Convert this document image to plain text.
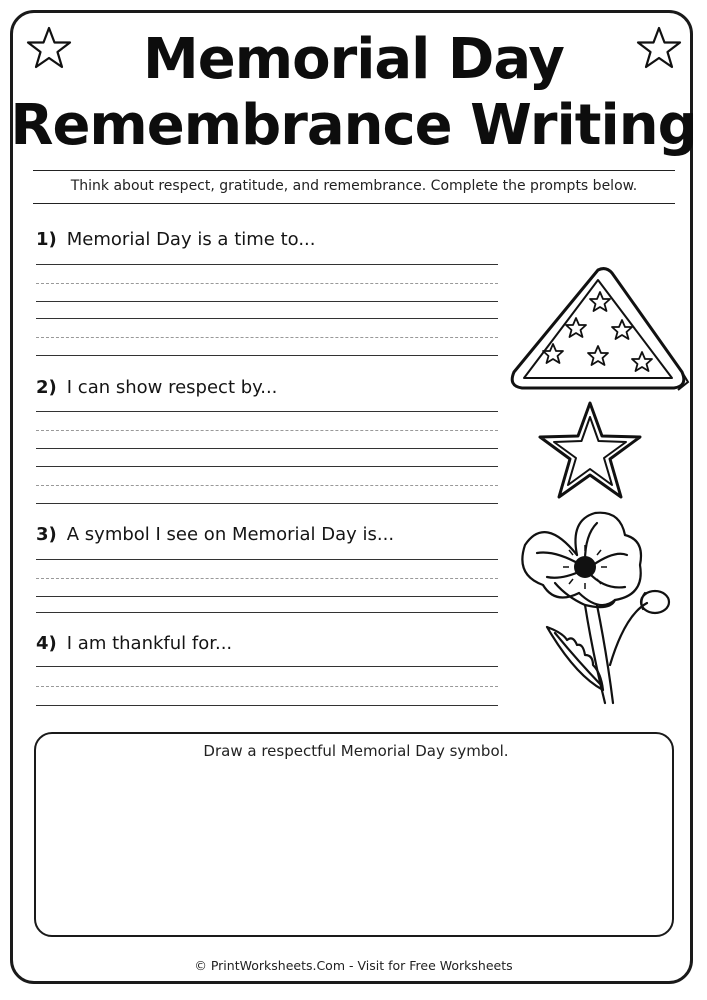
Memorial Day
Remembrance Writing
Think about respect, gratitude, and remembrance. Complete the prompts below.
1) Memorial Day is a time to...
2) I can show respect by...
3) A symbol I see on Memorial Day is...
4) I am thankful for...
Draw a respectful Memorial Day symbol.
© PrintWorksheets.Com - Visit for Free Worksheets
